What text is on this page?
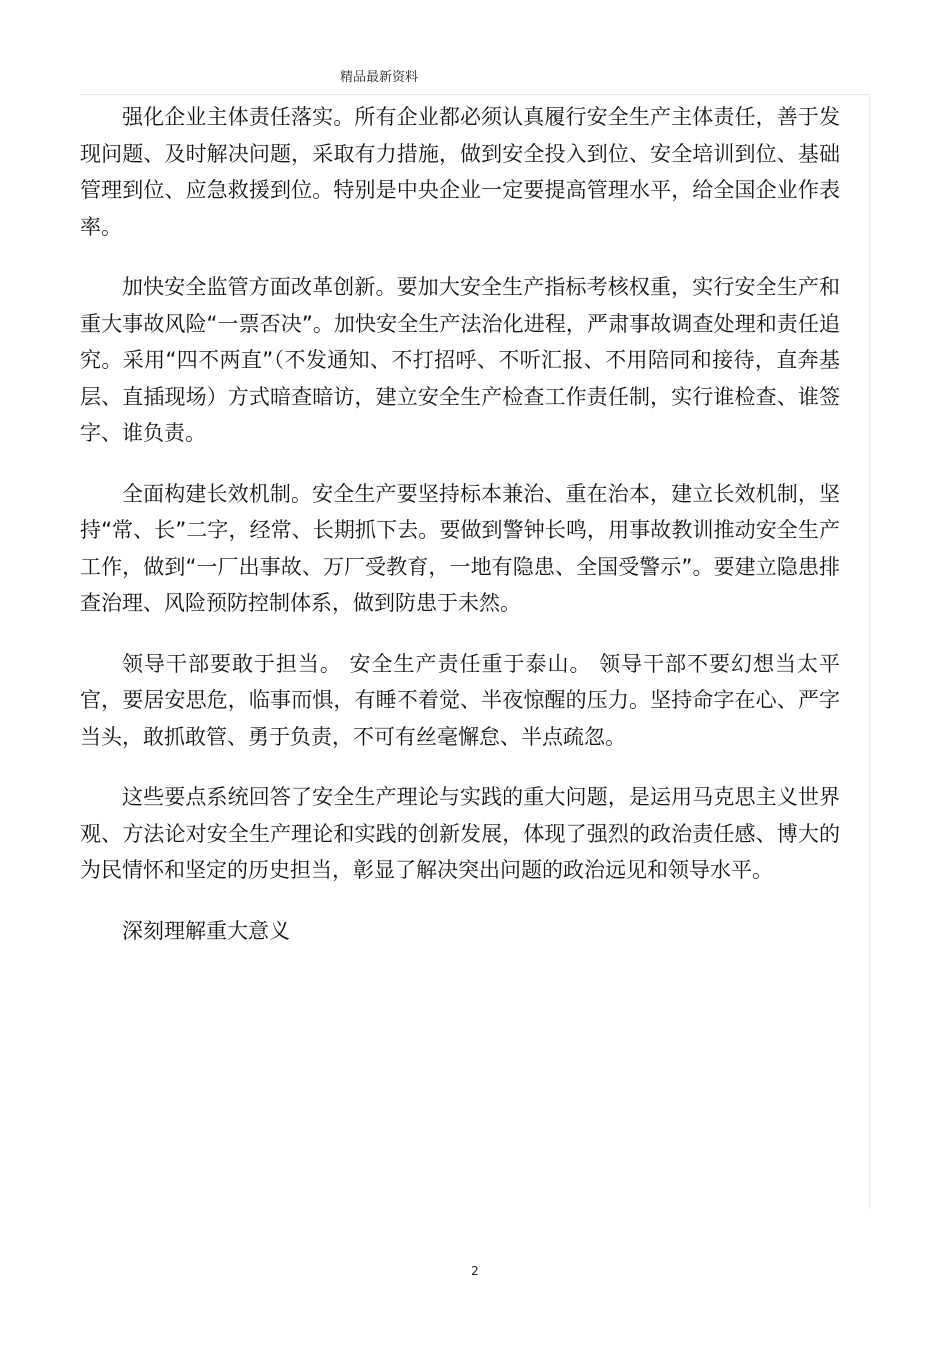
精品最新资料

强化企业主体责任落实。所有企业都必须认真履行安全生产主体责任，善于发现问题、及时解决问题，采取有力措施，做到安全投入到位、安全培训到位、基础管理到位、应急救援到位。特别是中央企业一定要提高管理水平，给全国企业作表率。

加快安全监管方面改革创新。要加大安全生产指标考核权重，实行安全生产和重大事故风险“一票否决”。加快安全生产法治化进程，严肃事故调查处理和责任追究。采用“四不两直”（不发通知、不打招呼、不听汇报、不用陪同和接待，直奔基层、直插现场）方式暗查暗访，建立安全生产检查工作责任制，实行谁检查、谁签字、谁负责。

全面构建长效机制。安全生产要坚持标本兼治、重在治本，建立长效机制，坚持“常、长”二字，经常、长期抓下去。要做到警钟长鸣，用事故教训推动安全生产工作，做到“一厂出事故、万厂受教育，一地有隐患、全国受警示”。要建立隐患排查治理、风险预防控制体系，做到防患于未然。

领导干部要敢于担当。 安全生产责任重于泰山。 领导干部不要幻想当太平官，要居安思危，临事而惧，有睡不着觉、半夜惊醒的压力。坚持命字在心、严字当头，敢抓敢管、勇于负责，不可有丝毫懈怠、半点疏忽。

这些要点系统回答了安全生产理论与实践的重大问题，是运用马克思主义世界观、方法论对安全生产理论和实践的创新发展，体现了强烈的政治责任感、博大的为民情怀和坚定的历史担当，彰显了解决突出问题的政治远见和领导水平。

深刻理解重大意义

2
